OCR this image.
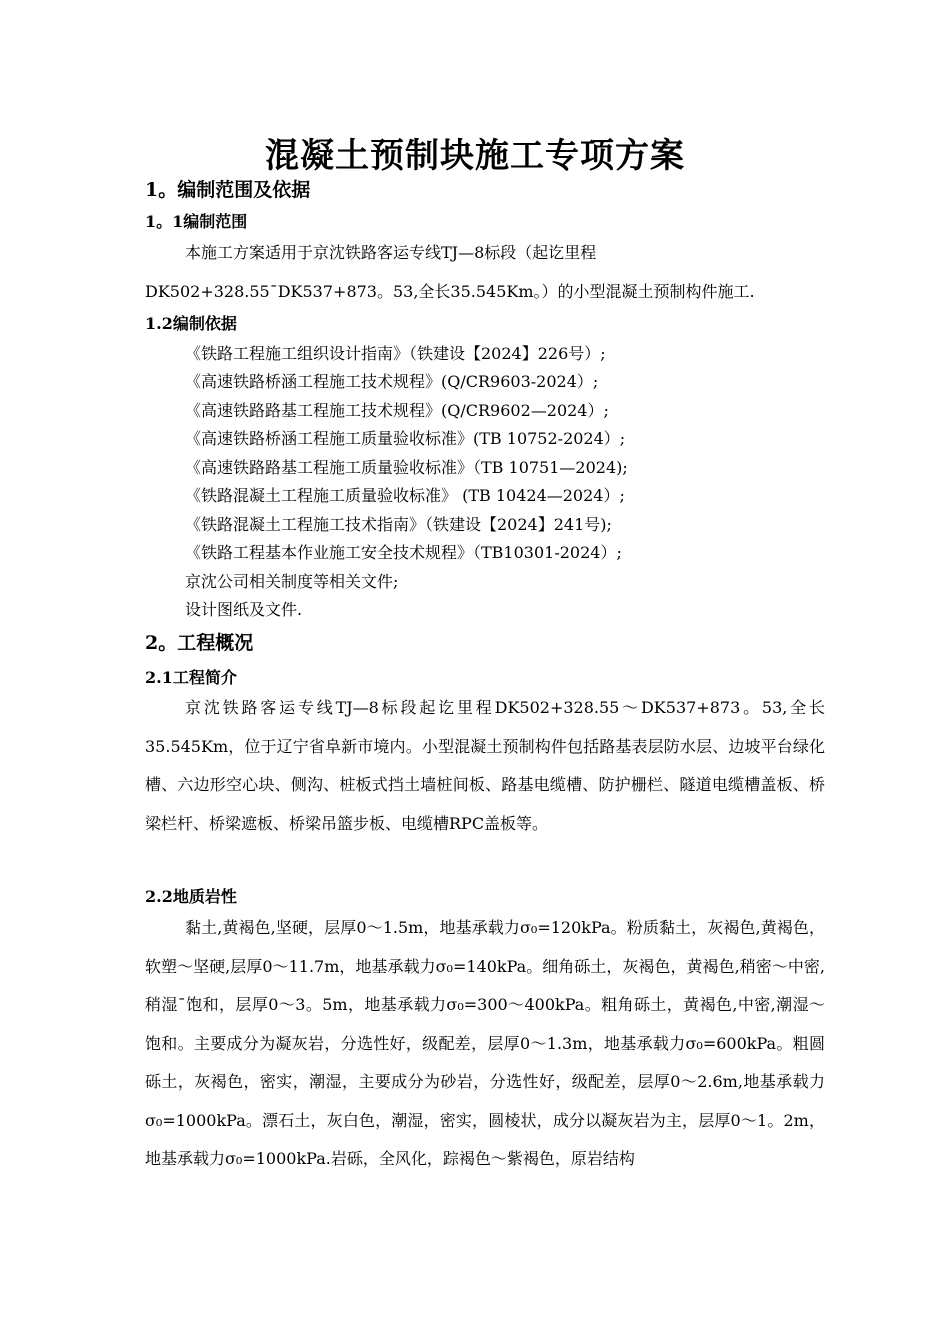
混凝土预制块施工专项方案
1。编制范围及依据
1。1编制范围
本施工方案适用于京沈铁路客运专线TJ—8标段（起讫里程
DK502+328.55¯DK537+873。53,全长35.545Km。）的小型混凝土预制构件施工.
1.2编制依据
《铁路工程施工组织设计指南》（铁建设【2024】226号）;
《高速铁路桥涵工程施工技术规程》(Q/CR9603-2024）;
《高速铁路路基工程施工技术规程》(Q/CR9602—2024）;
《高速铁路桥涵工程施工质量验收标准》(TB 10752-2024）;
《高速铁路路基工程施工质量验收标准》（TB 10751—2024);
《铁路混凝土工程施工质量验收标准》 (TB 10424—2024）;
《铁路混凝土工程施工技术指南》（铁建设【2024】241号);
《铁路工程基本作业施工安全技术规程》（TB10301-2024）;
京沈公司相关制度等相关文件;
设计图纸及文件.
2。工程概况
2.1工程简介
京沈铁路客运专线TJ—8标段起讫里程DK502+328.55～DK537+873。53,全长35.545Km，位于辽宁省阜新市境内。小型混凝土预制构件包括路基表层防水层、边坡平台绿化槽、六边形空心块、侧沟、桩板式挡土墙桩间板、路基电缆槽、防护栅栏、隧道电缆槽盖板、桥梁栏杆、桥梁遮板、桥梁吊篮步板、电缆槽RPC盖板等。
2.2地质岩性
黏土,黄褐色,坚硬，层厚0～1.5m，地基承载力σ₀=120kPa。粉质黏土，灰褐色,黄褐色，软塑～坚硬,层厚0～11.7m，地基承载力σ₀=140kPa。细角砾土，灰褐色，黄褐色,稍密～中密,稍湿¯饱和，层厚0～3。5m，地基承载力σ₀=300～400kPa。粗角砾土，黄褐色,中密,潮湿～饱和。主要成分为凝灰岩，分选性好，级配差，层厚0～1.3m，地基承载力σ₀=600kPa。粗圆砾土，灰褐色，密实，潮湿，主要成分为砂岩，分选性好，级配差，层厚0～2.6m,地基承载力σ₀=1000kPa。漂石土，灰白色，潮湿，密实，圆棱状，成分以凝灰岩为主，层厚0～1。2m，地基承载力σ₀=1000kPa.岩砾，全风化，踪褐色～紫褐色，原岩结构
